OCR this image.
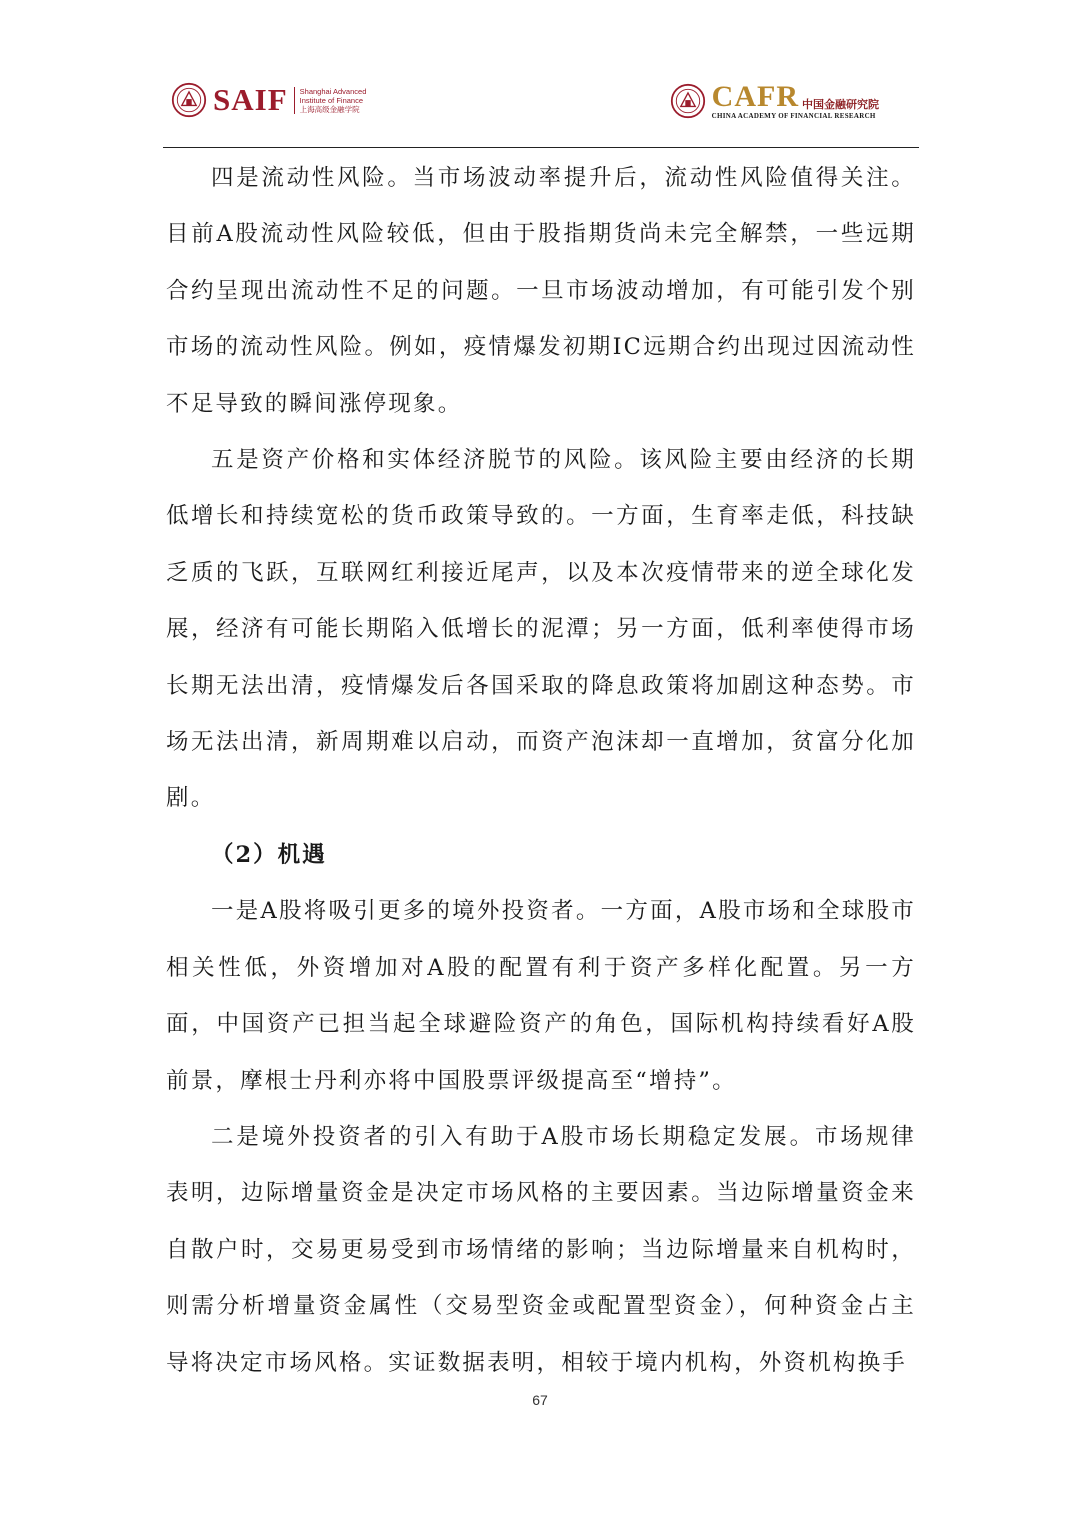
SAIF Shanghai Advanced
Institute of Finance
上海高级金融学院	CAFR 中国金融研究院
CHINA ACADEMY OF FINANCIAL RESEARCH

四是流动性风险。当市场波动率提升后，流动性风险值得关注。目前A股流动性风险较低，但由于股指期货尚未完全解禁，一些远期合约呈现出流动性不足的问题。一旦市场波动增加，有可能引发个别市场的流动性风险。例如，疫情爆发初期IC远期合约出现过因流动性不足导致的瞬间涨停现象。

五是资产价格和实体经济脱节的风险。该风险主要由经济的长期低增长和持续宽松的货币政策导致的。一方面，生育率走低，科技缺乏质的飞跃，互联网红利接近尾声，以及本次疫情带来的逆全球化发展，经济有可能长期陷入低增长的泥潭；另一方面，低利率使得市场长期无法出清，疫情爆发后各国采取的降息政策将加剧这种态势。市场无法出清，新周期难以启动，而资产泡沫却一直增加，贫富分化加剧。

（2）机遇

一是A股将吸引更多的境外投资者。一方面，A股市场和全球股市相关性低，外资增加对A股的配置有利于资产多样化配置。另一方面，中国资产已担当起全球避险资产的角色，国际机构持续看好A股前景，摩根士丹利亦将中国股票评级提高至“增持”。

二是境外投资者的引入有助于A股市场长期稳定发展。市场规律表明，边际增量资金是决定市场风格的主要因素。当边际增量资金来自散户时，交易更易受到市场情绪的影响；当边际增量来自机构时，则需分析增量资金属性（交易型资金或配置型资金），何种资金占主导将决定市场风格。实证数据表明，相较于境内机构，外资机构换手

67
